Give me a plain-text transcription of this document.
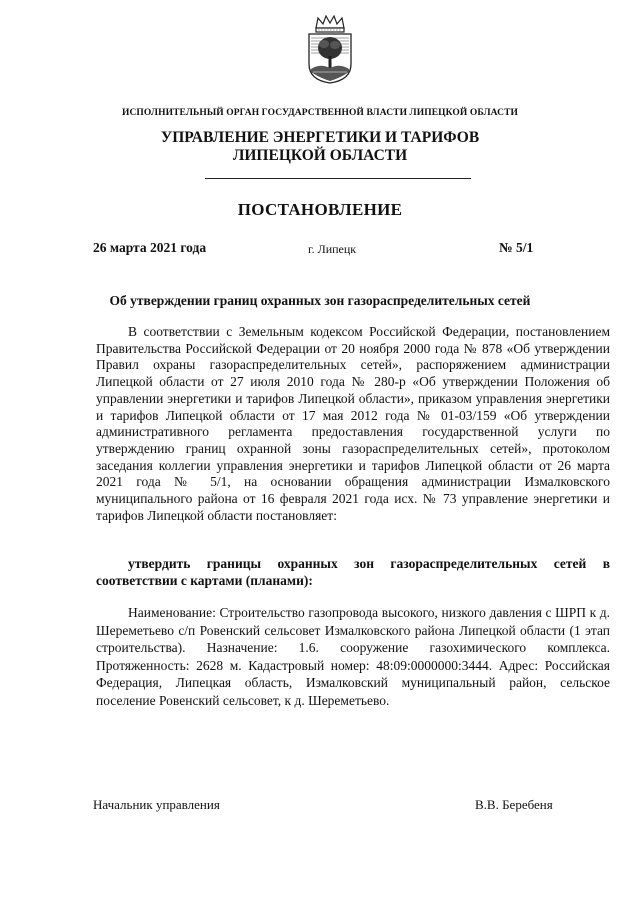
ИСПОЛНИТЕЛЬНЫЙ ОРГАН ГОСУДАРСТВЕННОЙ ВЛАСТИ ЛИПЕЦКОЙ ОБЛАСТИ
УПРАВЛЕНИЕ ЭНЕРГЕТИКИ И ТАРИФОВ
ЛИПЕЦКОЙ ОБЛАСТИ
ПОСТАНОВЛЕНИЕ
26 марта 2021 года	г. Липецк	№ 5/1
Об утверждении границ охранных зон газораспределительных сетей

В соответствии с Земельным кодексом Российской Федерации, постановлением Правительства Российской Федерации от 20 ноября 2000 года № 878 «Об утверждении Правил охраны газораспределительных сетей», распоряжением администрации Липецкой области от 27 июля 2010 года № 280-р «Об утверждении Положения об управлении энергетики и тарифов Липецкой области», приказом управления энергетики и тарифов Липецкой области от 17 мая 2012 года № 01-03/159 «Об утверждении административного регламента предоставления государственной услуги по утверждению границ охранной зоны газораспределительных сетей», протоколом заседания коллегии управления энергетики и тарифов Липецкой области от 26 марта 2021 года № 5/1, на основании обращения администрации Измалковского муниципального района от 16 февраля 2021 года исх. № 73 управление энергетики и тарифов Липецкой области постановляет:

утвердить границы охранных зон газораспределительных сетей в соответствии с картами (планами):

Наименование: Строительство газопровода высокого, низкого давления с ШРП к д. Шереметьево с/п Ровенский сельсовет Измалковского района Липецкой области (1 этап строительства). Назначение: 1.6. сооружение газохимического комплекса. Протяженность: 2628 м. Кадастровый номер: 48:09:0000000:3444. Адрес: Российская Федерация, Липецкая область, Измалковский муниципальный район, сельское поселение Ровенский сельсовет, к д. Шереметьево.

Начальник управления	В.В. Беребеня
